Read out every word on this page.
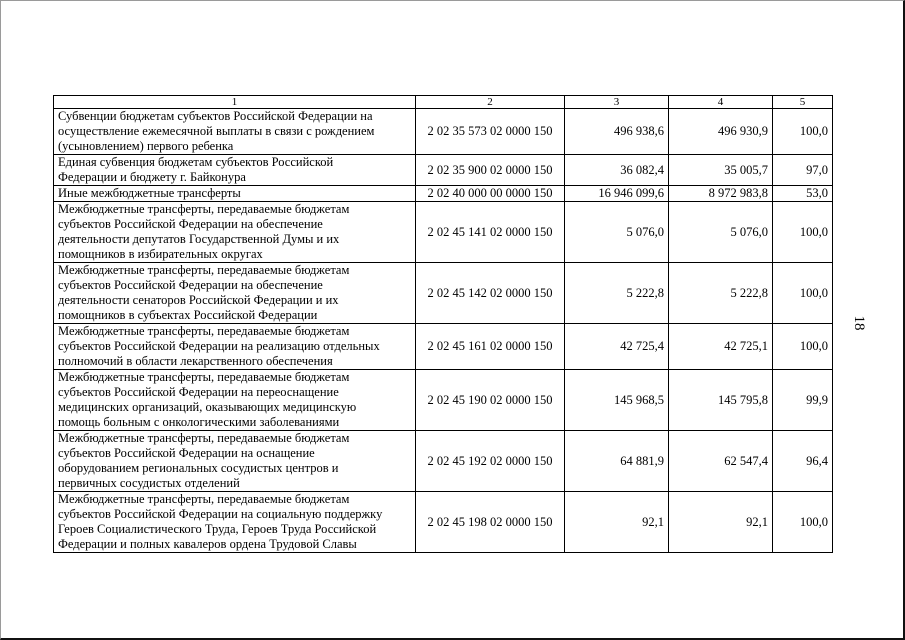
1	2	3	4	5

Субвенции бюджетам субъектов Российской Федерации на
осуществление ежемесячной выплаты в связи с рождением
(усыновлением) первого ребенка	2 02 35 573 02 0000 150	496 938,6	496 930,9	100,0

Единая субвенция бюджетам субъектов Российской
Федерации и бюджету г. Байконура	2 02 35 900 02 0000 150	36 082,4	35 005,7	97,0

Иные межбюджетные трансферты	2 02 40 000 00 0000 150	16 946 099,6	8 972 983,8	53,0

Межбюджетные трансферты, передаваемые бюджетам
субъектов Российской Федерации на обеспечение
деятельности депутатов Государственной Думы и их
помощников в избирательных округах	2 02 45 141 02 0000 150	5 076,0	5 076,0	100,0

Межбюджетные трансферты, передаваемые бюджетам
субъектов Российской Федерации на обеспечение
деятельности сенаторов Российской Федерации и их
помощников в субъектах Российской Федерации	2 02 45 142 02 0000 150	5 222,8	5 222,8	100,0

Межбюджетные трансферты, передаваемые бюджетам
субъектов Российской Федерации на реализацию отдельных
полномочий в области лекарственного обеспечения	2 02 45 161 02 0000 150	42 725,4	42 725,1	100,0

Межбюджетные трансферты, передаваемые бюджетам
субъектов Российской Федерации на переоснащение
медицинских организаций, оказывающих медицинскую
помощь больным с онкологическими заболеваниями	2 02 45 190 02 0000 150	145 968,5	145 795,8	99,9

Межбюджетные трансферты, передаваемые бюджетам
субъектов Российской Федерации на оснащение
оборудованием региональных сосудистых центров и
первичных сосудистых отделений	2 02 45 192 02 0000 150	64 881,9	62 547,4	96,4

Межбюджетные трансферты, передаваемые бюджетам
субъектов Российской Федерации на социальную поддержку
Героев Социалистического Труда, Героев Труда Российской
Федерации и полных кавалеров ордена Трудовой Славы	2 02 45 198 02 0000 150	92,1	92,1	100,0
18
